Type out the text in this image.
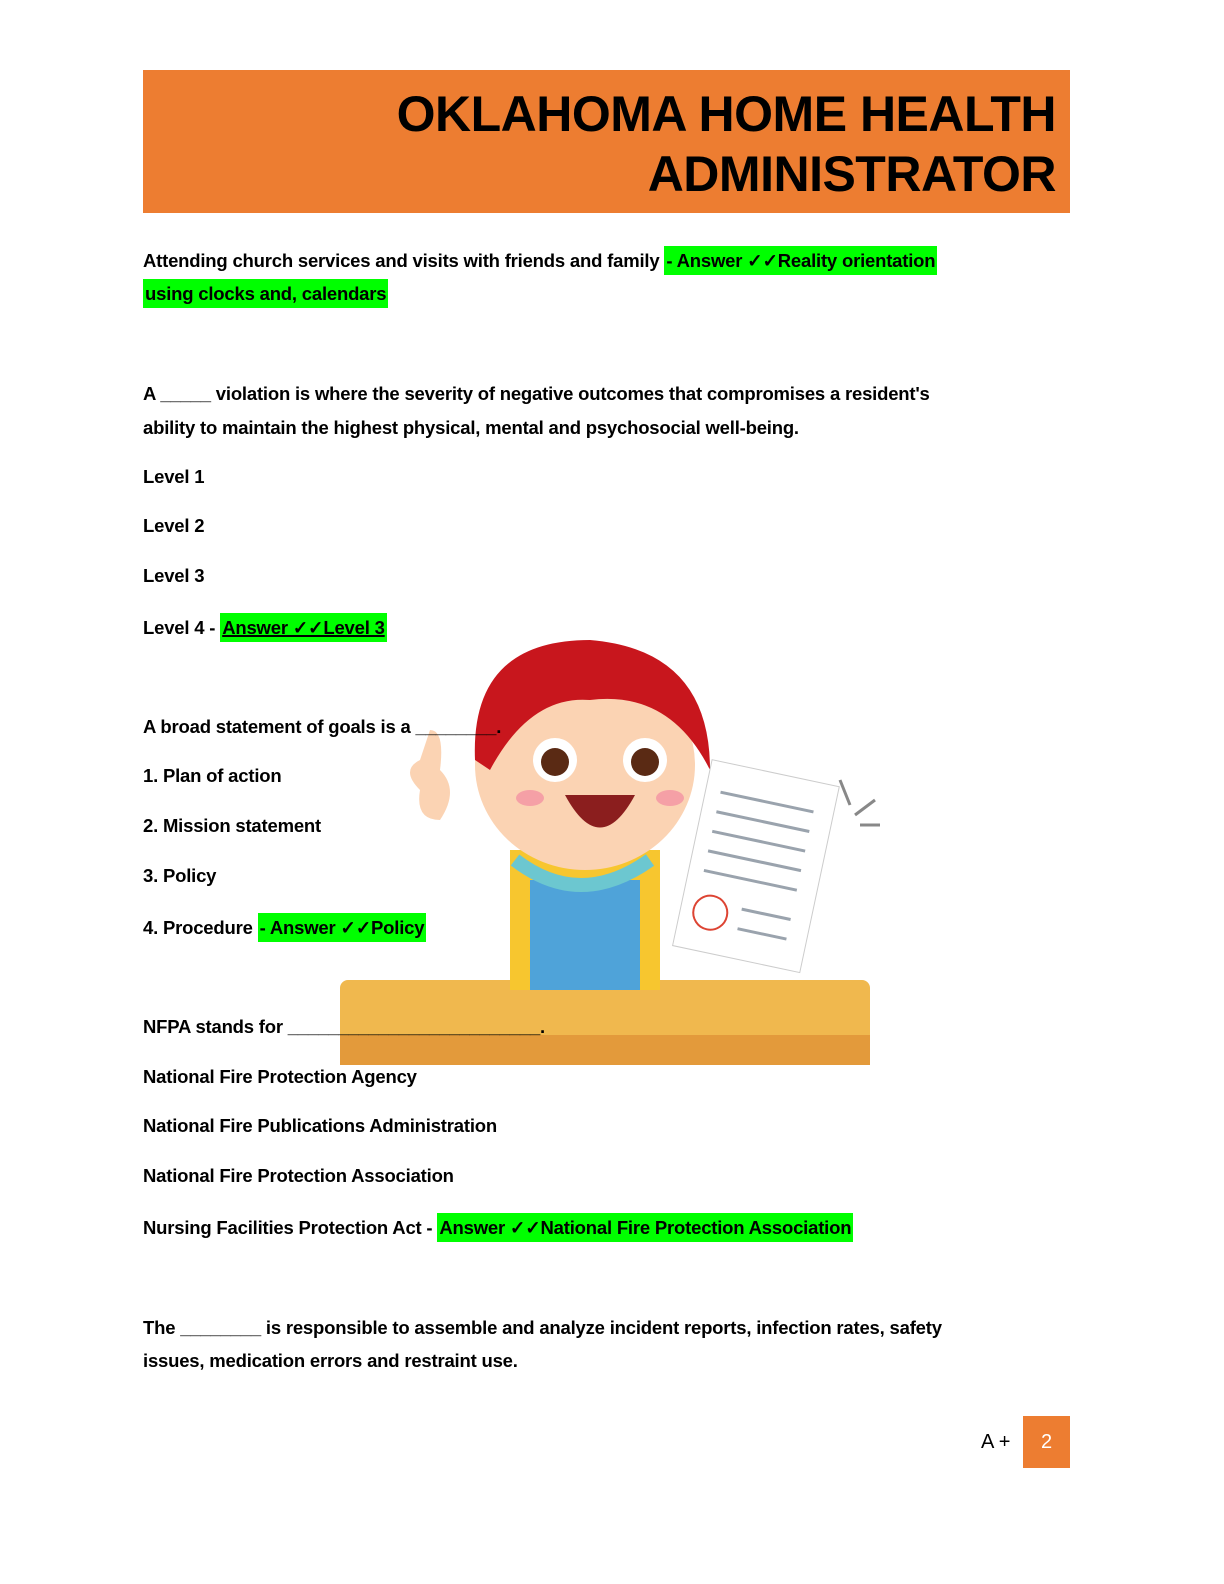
OKLAHOMA HOME HEALTH
ADMINISTRATOR
Attending church services and visits with friends and family - Answer ✓✓Reality orientation
using clocks and, calendars
A _____ violation is where the severity of negative outcomes that compromises a resident's
ability to maintain the highest physical, mental and psychosocial well-being.
Level 1
Level 2
Level 3
Level 4 - Answer ✓✓Level 3
A broad statement of goals is a ________.
1. Plan of action
2. Mission statement
3. Policy
4. Procedure - Answer ✓✓Policy
NFPA stands for _________________________.
National Fire Protection Agency
National Fire Publications Administration
National Fire Protection Association
Nursing Facilities Protection Act - Answer ✓✓National Fire Protection Association
The ________ is responsible to assemble and analyze incident reports, infection rates, safety
issues, medication errors and restraint use.
A +	2
